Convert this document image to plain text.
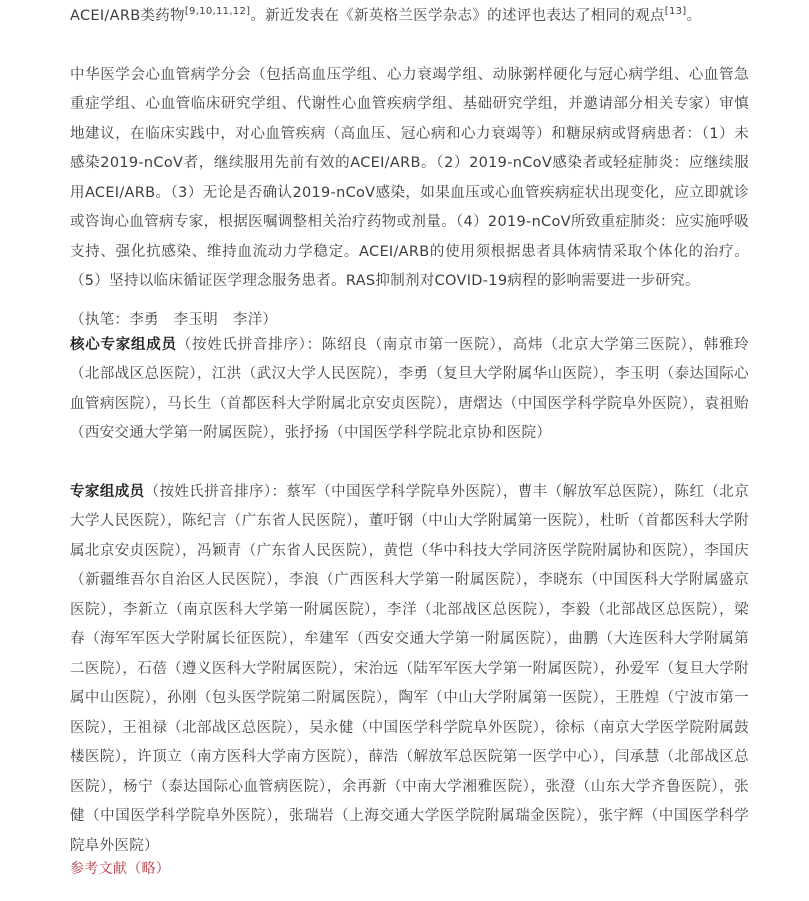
ACEI/ARB类药物[9,10,11,12]。新近发表在《新英格兰医学杂志》的述评也表达了相同的观点[13]。

中华医学会心血管病学分会（包括高血压学组、心力衰竭学组、动脉粥样硬化与冠心病学组、心血管急重症学组、心血管临床研究学组、代谢性心血管疾病学组、基础研究学组，并邀请部分相关专家）审慎地建议，在临床实践中，对心血管疾病（高血压、冠心病和心力衰竭等）和糖尿病或肾病患者：（1）未感染2019-nCoV者，继续服用先前有效的ACEI/ARB。（2）2019-nCoV感染者或轻症肺炎：应继续服用ACEI/ARB。（3）无论是否确认2019-nCoV感染，如果血压或心血管疾病症状出现变化，应立即就诊或咨询心血管病专家，根据医嘱调整相关治疗药物或剂量。（4）2019-nCoV所致重症肺炎：应实施呼吸支持、强化抗感染、维持血流动力学稳定。ACEI/ARB的使用须根据患者具体病情采取个体化的治疗。（5）坚持以临床循证医学理念服务患者。RAS抑制剂对COVID-19病程的影响需要进一步研究。

（执笔：李勇　李玉明　李洋）

核心专家组成员（按姓氏拼音排序）：陈绍良（南京市第一医院），高炜（北京大学第三医院），韩雅玲（北部战区总医院），江洪（武汉大学人民医院），李勇（复旦大学附属华山医院），李玉明（泰达国际心血管病医院），马长生（首都医科大学附属北京安贞医院），唐熠达（中国医学科学院阜外医院），袁祖贻（西安交通大学第一附属医院），张抒扬（中国医学科学院北京协和医院）

专家组成员（按姓氏拼音排序）：蔡军（中国医学科学院阜外医院），曹丰（解放军总医院），陈红（北京大学人民医院），陈纪言（广东省人民医院），董吁钢（中山大学附属第一医院），杜昕（首都医科大学附属北京安贞医院），冯颖青（广东省人民医院），黄恺（华中科技大学同济医学院附属协和医院），李国庆（新疆维吾尔自治区人民医院），李浪（广西医科大学第一附属医院），李晓东（中国医科大学附属盛京医院），李新立（南京医科大学第一附属医院），李洋（北部战区总医院），李毅（北部战区总医院），梁春（海军军医大学附属长征医院），牟建军（西安交通大学第一附属医院），曲鹏（大连医科大学附属第二医院），石蓓（遵义医科大学附属医院），宋治远（陆军军医大学第一附属医院），孙爱军（复旦大学附属中山医院），孙刚（包头医学院第二附属医院），陶军（中山大学附属第一医院），王胜煌（宁波市第一医院），王祖禄（北部战区总医院），吴永健（中国医学科学院阜外医院），徐标（南京大学医学院附属鼓楼医院），许顶立（南方医科大学南方医院），薛浩（解放军总医院第一医学中心），闫承慧（北部战区总医院），杨宁（泰达国际心血管病医院），余再新（中南大学湘雅医院），张澄（山东大学齐鲁医院），张健（中国医学科学院阜外医院），张瑞岩（上海交通大学医学院附属瑞金医院），张宇辉（中国医学科学院阜外医院）

参考文献（略）
